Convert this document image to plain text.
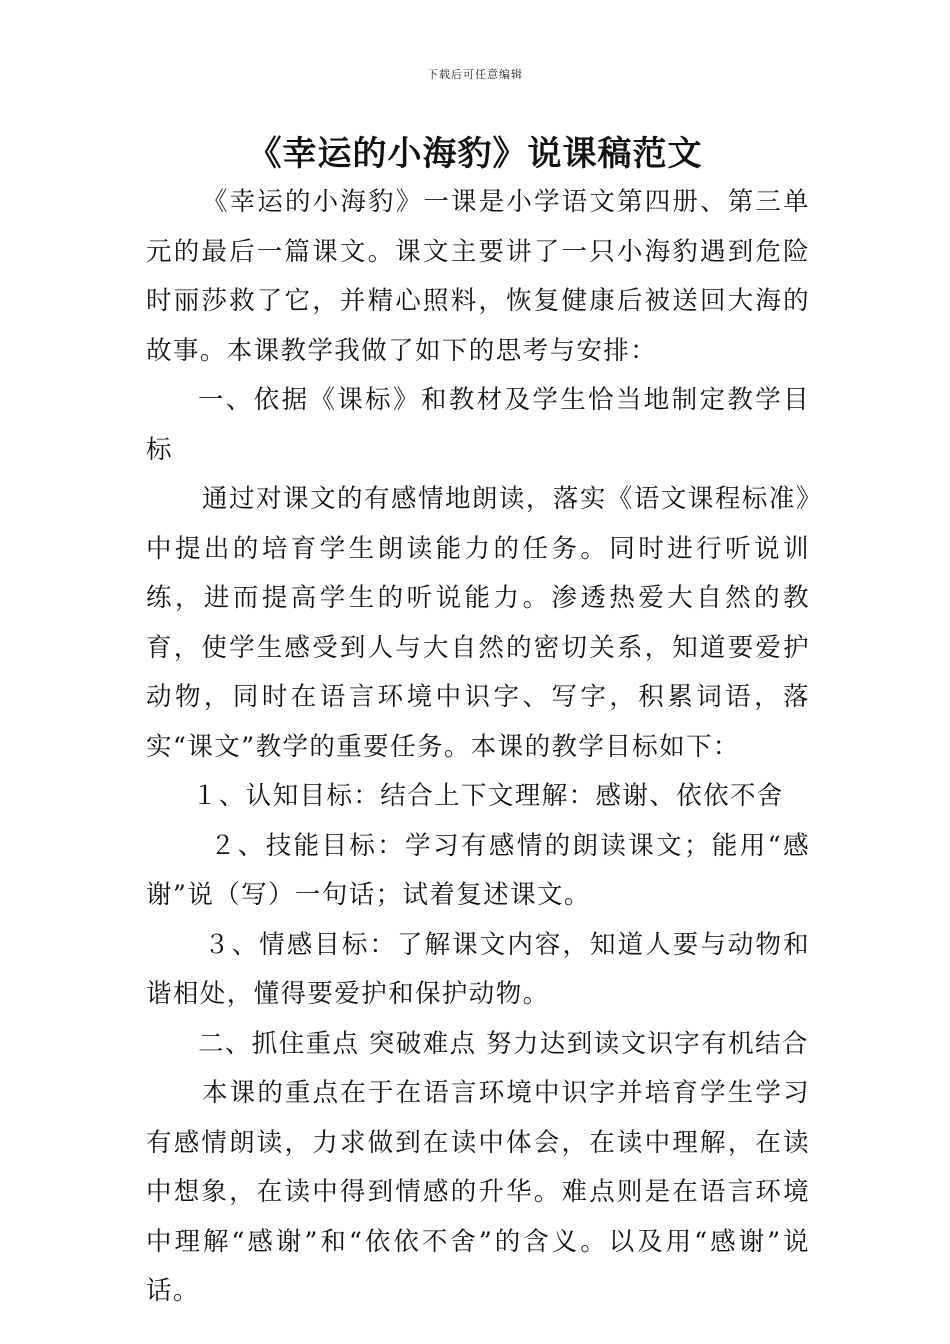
下载后可任意编辑
《幸运的小海豹》说课稿范文

《幸运的小海豹》一课是小学语文第四册、第三单元的最后一篇课文。课文主要讲了一只小海豹遇到危险时丽莎救了它，并精心照料，恢复健康后被送回大海的故事。本课教学我做了如下的思考与安排：

一、依据《课标》和教材及学生恰当地制定教学目标

通过对课文的有感情地朗读，落实《语文课程标准》中提出的培育学生朗读能力的任务。同时进行听说训练，进而提高学生的听说能力。渗透热爱大自然的教育，使学生感受到人与大自然的密切关系，知道要爱护动物，同时在语言环境中识字、写字，积累词语，落实“课文”教学的重要任务。本课的教学目标如下：

１、认知目标：结合上下文理解：感谢、依依不舍

２、技能目标：学习有感情的朗读课文；能用“感谢”说（写）一句话；试着复述课文。

３、情感目标：了解课文内容，知道人要与动物和谐相处，懂得要爱护和保护动物。

二、抓住重点 突破难点 努力达到读文识字有机结合

本课的重点在于在语言环境中识字并培育学生学习有感情朗读，力求做到在读中体会，在读中理解，在读中想象，在读中得到情感的升华。难点则是在语言环境中理解“感谢”和“依依不舍”的含义。以及用“感谢”说话。
